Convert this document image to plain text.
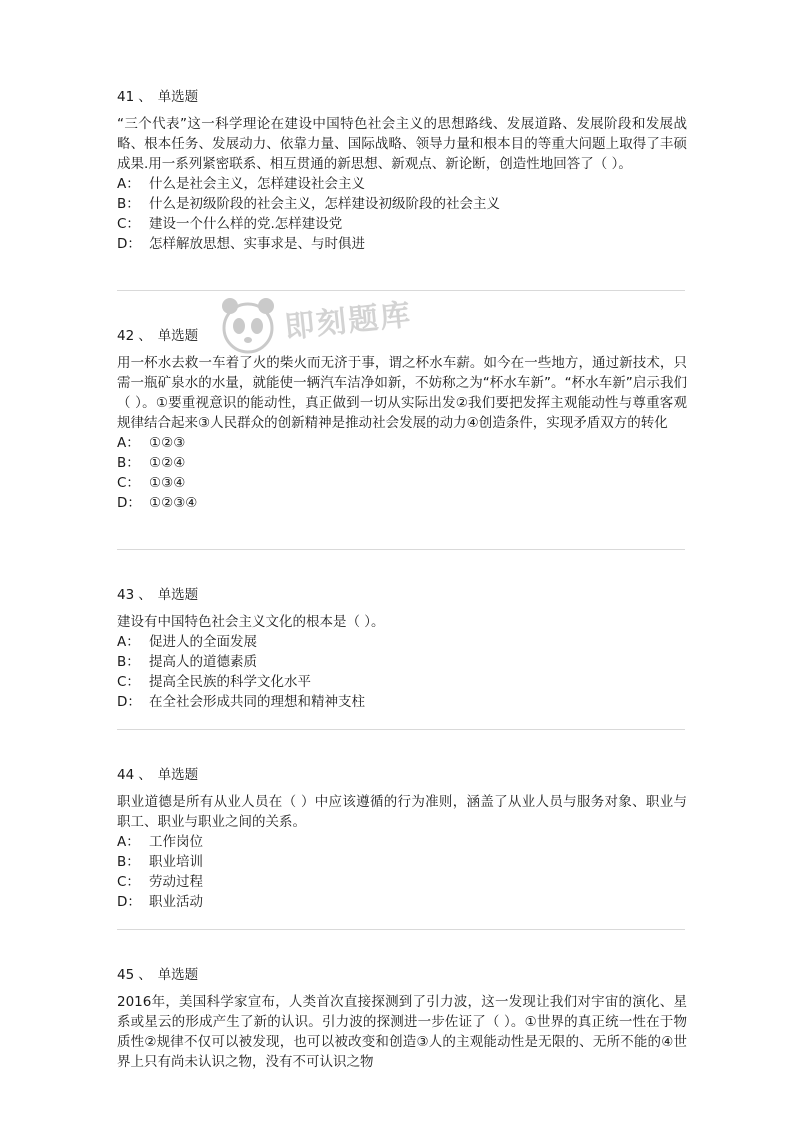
即刻题库
41 、 单选题

“三个代表”这一科学理论在建设中国特色社会主义的思想路线、发展道路、发展阶段和发展战略、根本任务、发展动力、依靠力量、国际战略、领导力量和根本目的等重大问题上取得了丰硕成果.用一系列紧密联系、相互贯通的新思想、新观点、新论断，创造性地回答了（ ）。

A： 什么是社会主义，怎样建设社会主义
B： 什么是初级阶段的社会主义，怎样建设初级阶段的社会主义
C： 建设一个什么样的党.怎样建设党
D： 怎样解放思想、实事求是、与时俱进
42 、 单选题

用一杯水去救一车着了火的柴火而无济于事，谓之杯水车薪。如今在一些地方，通过新技术，只需一瓶矿泉水的水量，就能使一辆汽车洁净如新，不妨称之为“杯水车新”。“杯水车新”启示我们（ ）。①要重视意识的能动性，真正做到一切从实际出发②我们要把发挥主观能动性与尊重客观规律结合起来③人民群众的创新精神是推动社会发展的动力④创造条件，实现矛盾双方的转化

A： ①②③
B： ①②④
C： ①③④
D： ①②③④
43 、 单选题

建设有中国特色社会主义文化的根本是（ ）。

A： 促进人的全面发展
B： 提高人的道德素质
C： 提高全民族的科学文化水平
D： 在全社会形成共同的理想和精神支柱
44 、 单选题

职业道德是所有从业人员在（ ）中应该遵循的行为准则，涵盖了从业人员与服务对象、职业与职工、职业与职业之间的关系。

A： 工作岗位
B： 职业培训
C： 劳动过程
D： 职业活动
45 、 单选题

2016年，美国科学家宣布，人类首次直接探测到了引力波，这一发现让我们对宇宙的演化、星系或星云的形成产生了新的认识。引力波的探测进一步佐证了（ ）。①世界的真正统一性在于物质性②规律不仅可以被发现，也可以被改变和创造③人的主观能动性是无限的、无所不能的④世界上只有尚未认识之物，没有不可认识之物
